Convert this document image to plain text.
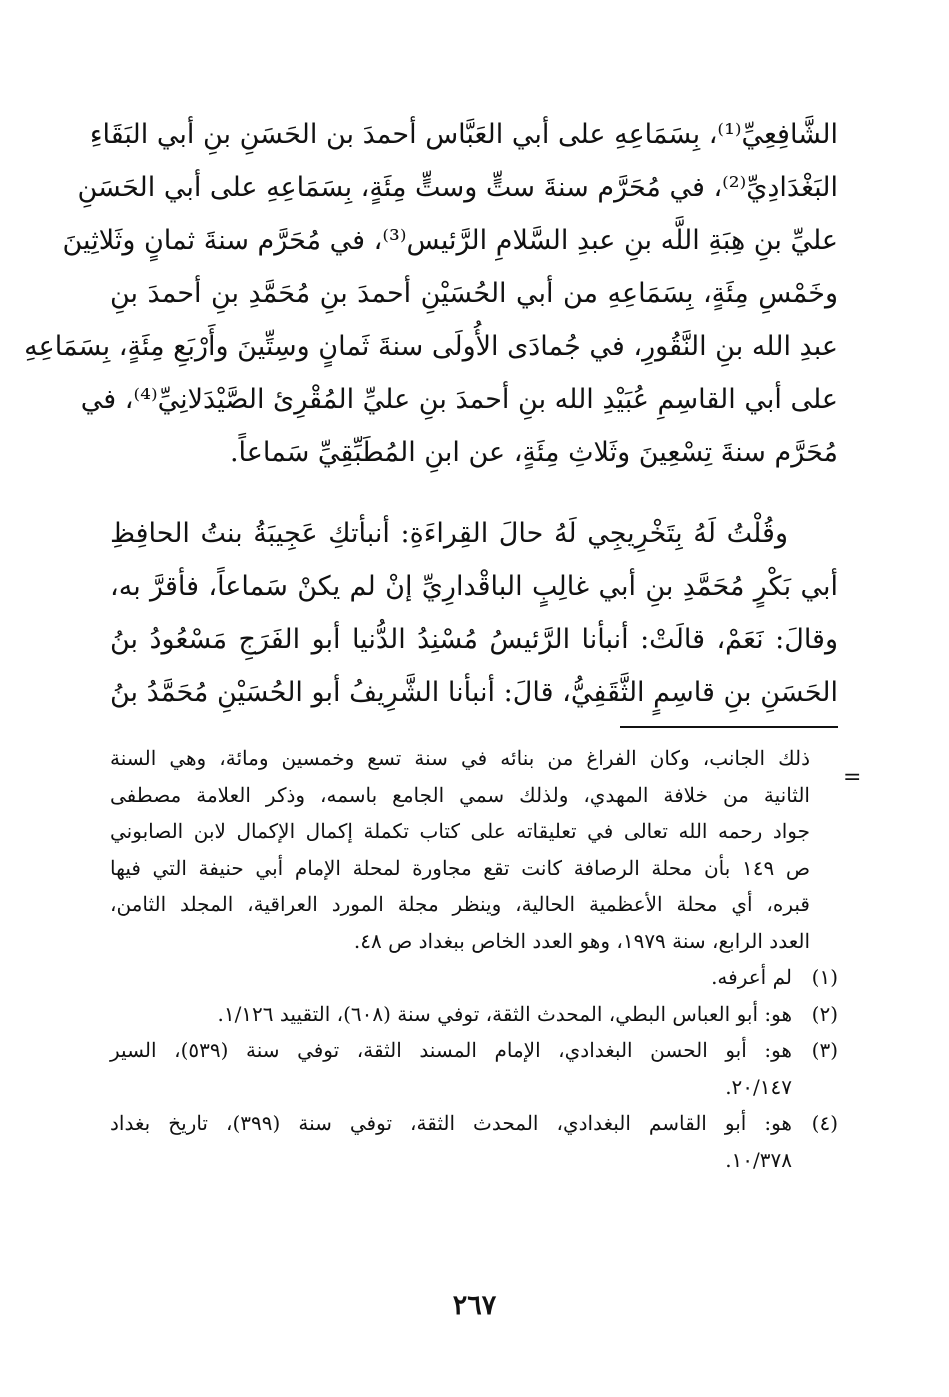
الشَّافِعِيِّ⁽¹⁾، بِسَمَاعِهِ على أبي العَبَّاس أحمدَ بن الحَسَنِ بنِ أبي البَقَاءِ
البَغْدَادِيِّ⁽²⁾، في مُحَرَّم سنةَ ستٍّ وستٍّ مِئَةٍ، بِسَمَاعِهِ على أبي الحَسَنِ
عليِّ بنِ هِبَةِ اللَّه بنِ عبدِ السَّلامِ الرَّئيس⁽³⁾، في مُحَرَّم سنةَ ثمانٍ وثَلاثِينَ
وخَمْسِ مِئَةٍ، بِسَمَاعِهِ من أبي الحُسَيْنِ أحمدَ بنِ مُحَمَّدِ بنِ أحمدَ بنِ
عبدِ الله بنِ النَّقُورِ، في جُمادَى الأُولَى سنةَ ثَمانٍ وسِتِّينَ وأَرْبَعِ مِئَةٍ، بِسَمَاعِهِ
على أبي القاسِمِ عُبَيْدِ الله بنِ أحمدَ بنِ عليِّ المُقْرِئ الصَّيْدَلانِيِّ⁽⁴⁾، في
مُحَرَّم سنةَ تِسْعِينَ وثَلاثِ مِئَةٍ، عن ابنِ المُطَبِّقِيِّ سَماعاً.
وقُلْتُ لَهُ بِتَخْرِيجِي لَهُ حالَ القِراءَةِ: أنبأتكِ عَجِيبَةُ بنتُ الحافِظِ
أبي بَكْرٍ مُحَمَّدِ بنِ أبي غالِبٍ الباقْدارِيِّ إنْ لم يكنْ سَماعاً، فأقرَّ به،
وقالَ: نَعَمْ، قالَتْ: أنبأنا الرَّئيسُ مُسْنِدُ الدُّنيا أبو الفَرَجِ مَسْعُودُ بنُ
الحَسَنِ بنِ قاسِمٍ الثَّقَفِيُّ، قالَ: أنبأنا الشَّرِيفُ أبو الحُسَيْنِ مُحَمَّدُ بنُ
=
ذلك الجانب، وكان الفراغ من بنائه في سنة تسع وخمسين ومائة، وهي السنة
الثانية من خلافة المهدي، ولذلك سمي الجامع باسمه، وذكر العلامة مصطفى
جواد رحمه الله تعالى في تعليقاته على كتاب تكملة إكمال الإكمال لابن الصابوني
ص ١٤٩ بأن محلة الرصافة كانت تقع مجاورة لمحلة الإمام أبي حنيفة التي فيها
قبره، أي محلة الأعظمية الحالية، وينظر مجلة المورد العراقية، المجلد الثامن،
العدد الرابع، سنة ١٩٧٩، وهو العدد الخاص ببغداد ص ٤٨.
(١)
لم أعرفه.
(٢)
هو: أبو العباس البطي، المحدث الثقة، توفي سنة (٦٠٨)، التقييد ١/١٢٦.
(٣)
هو: أبو الحسن البغدادي، الإمام المسند الثقة، توفي سنة (٥٣٩)، السير
٢٠/١٤٧.
(٤)
هو: أبو القاسم البغدادي، المحدث الثقة، توفي سنة (٣٩٩)، تاريخ بغداد
١٠/٣٧٨.
٢٦٧
